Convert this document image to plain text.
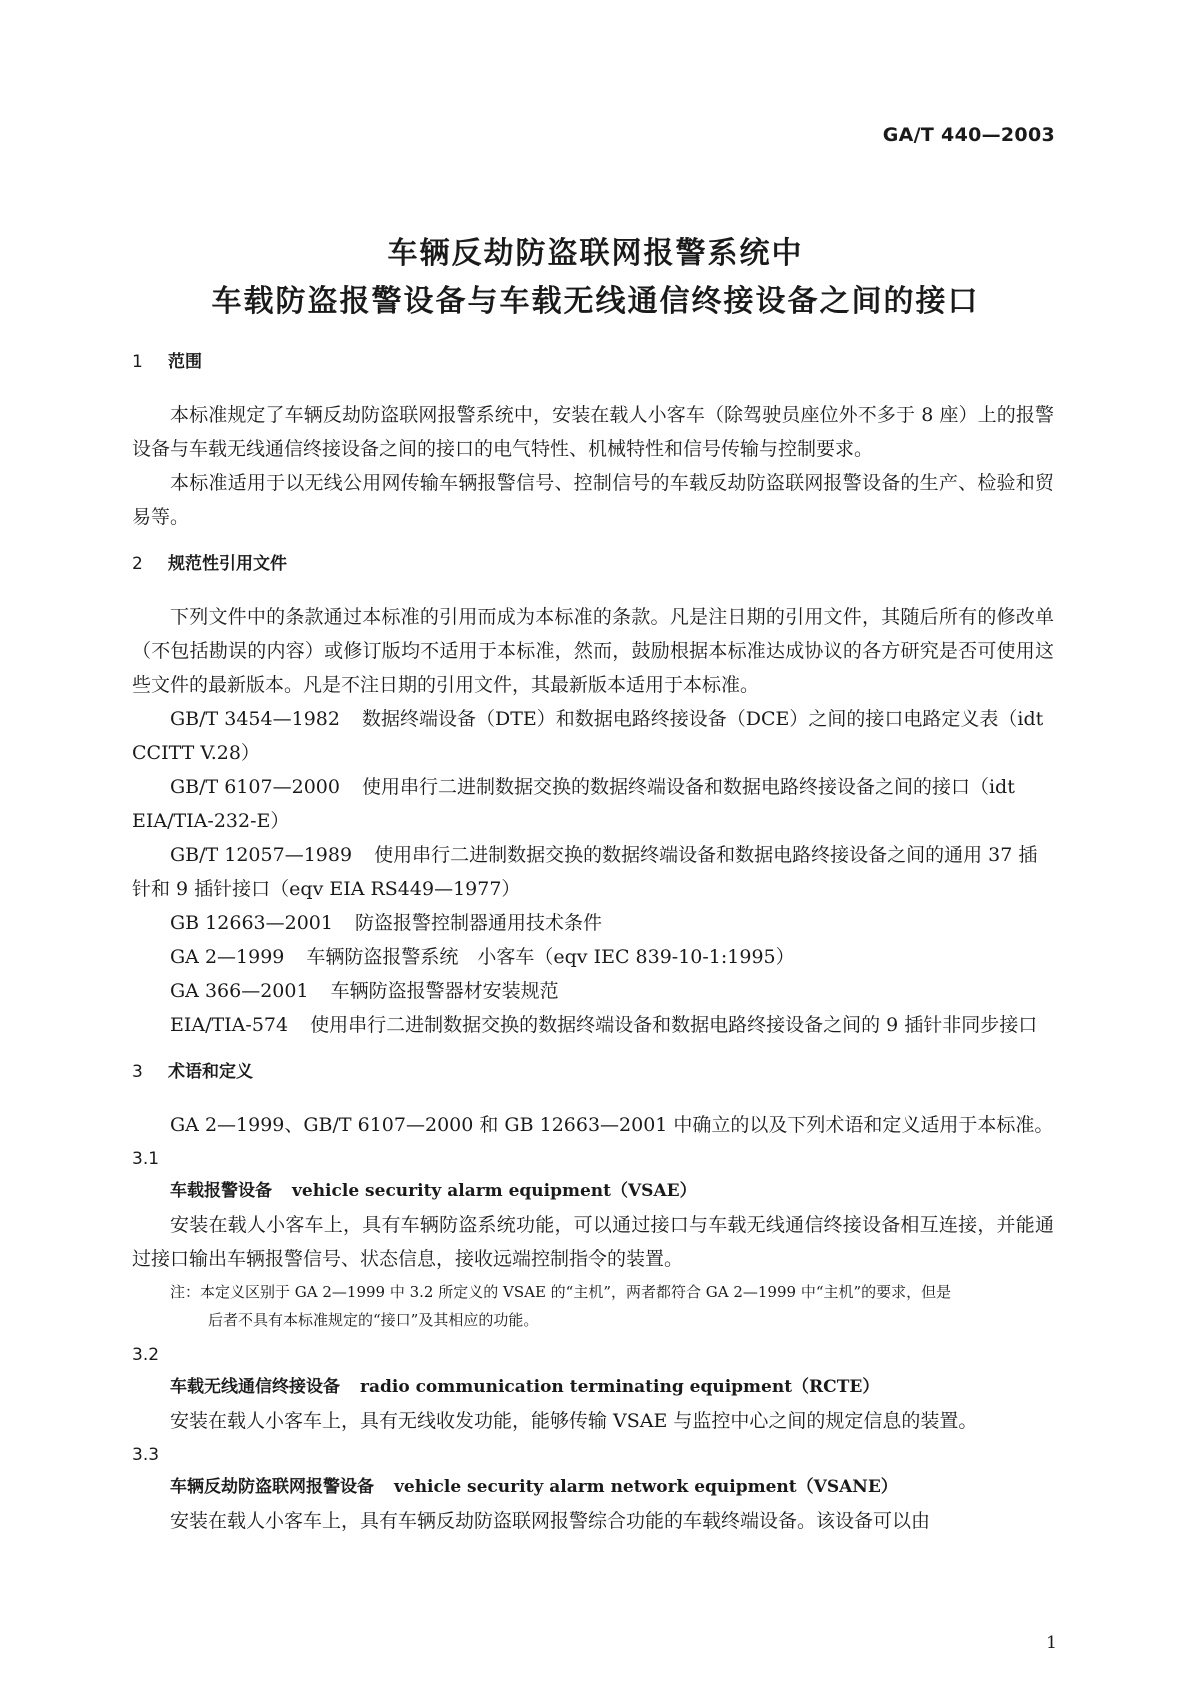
GA/T 440—2003
车辆反劫防盗联网报警系统中
车载防盗报警设备与车载无线通信终接设备之间的接口
1 范围

本标准规定了车辆反劫防盗联网报警系统中，安装在载人小客车（除驾驶员座位外不多于 8 座）上的报警设备与车载无线通信终接设备之间的接口的电气特性、机械特性和信号传输与控制要求。

本标准适用于以无线公用网传输车辆报警信号、控制信号的车载反劫防盗联网报警设备的生产、检验和贸易等。

2 规范性引用文件

下列文件中的条款通过本标准的引用而成为本标准的条款。凡是注日期的引用文件，其随后所有的修改单（不包括勘误的内容）或修订版均不适用于本标准，然而，鼓励根据本标准达成协议的各方研究是否可使用这些文件的最新版本。凡是不注日期的引用文件，其最新版本适用于本标准。

GB/T 3454—1982 数据终端设备（DTE）和数据电路终接设备（DCE）之间的接口电路定义表（idt CCITT V.28）

GB/T 6107—2000 使用串行二进制数据交换的数据终端设备和数据电路终接设备之间的接口（idt EIA/TIA-232-E）

GB/T 12057—1989 使用串行二进制数据交换的数据终端设备和数据电路终接设备之间的通用 37 插针和 9 插针接口（eqv EIA RS449—1977）

GB 12663—2001 防盗报警控制器通用技术条件

GA 2—1999 车辆防盗报警系统　小客车（eqv IEC 839-10-1:1995）

GA 366—2001 车辆防盗报警器材安装规范

EIA/TIA-574 使用串行二进制数据交换的数据终端设备和数据电路终接设备之间的 9 插针非同步接口

3 术语和定义

GA 2—1999、GB/T 6107—2000 和 GB 12663—2001 中确立的以及下列术语和定义适用于本标准。

3.1

车载报警设备 vehicle security alarm equipment（VSAE）

安装在载人小客车上，具有车辆防盗系统功能，可以通过接口与车载无线通信终接设备相互连接，并能通过接口输出车辆报警信号、状态信息，接收远端控制指令的装置。

注：本定义区别于 GA 2—1999 中 3.2 所定义的 VSAE 的“主机”，两者都符合 GA 2—1999 中“主机”的要求，但是
后者不具有本标准规定的“接口”及其相应的功能。
3.2

车载无线通信终接设备 radio communication terminating equipment（RCTE）

安装在载人小客车上，具有无线收发功能，能够传输 VSAE 与监控中心之间的规定信息的装置。

3.3

车辆反劫防盗联网报警设备 vehicle security alarm network equipment（VSANE）

安装在载人小客车上，具有车辆反劫防盗联网报警综合功能的车载终端设备。该设备可以由

1
